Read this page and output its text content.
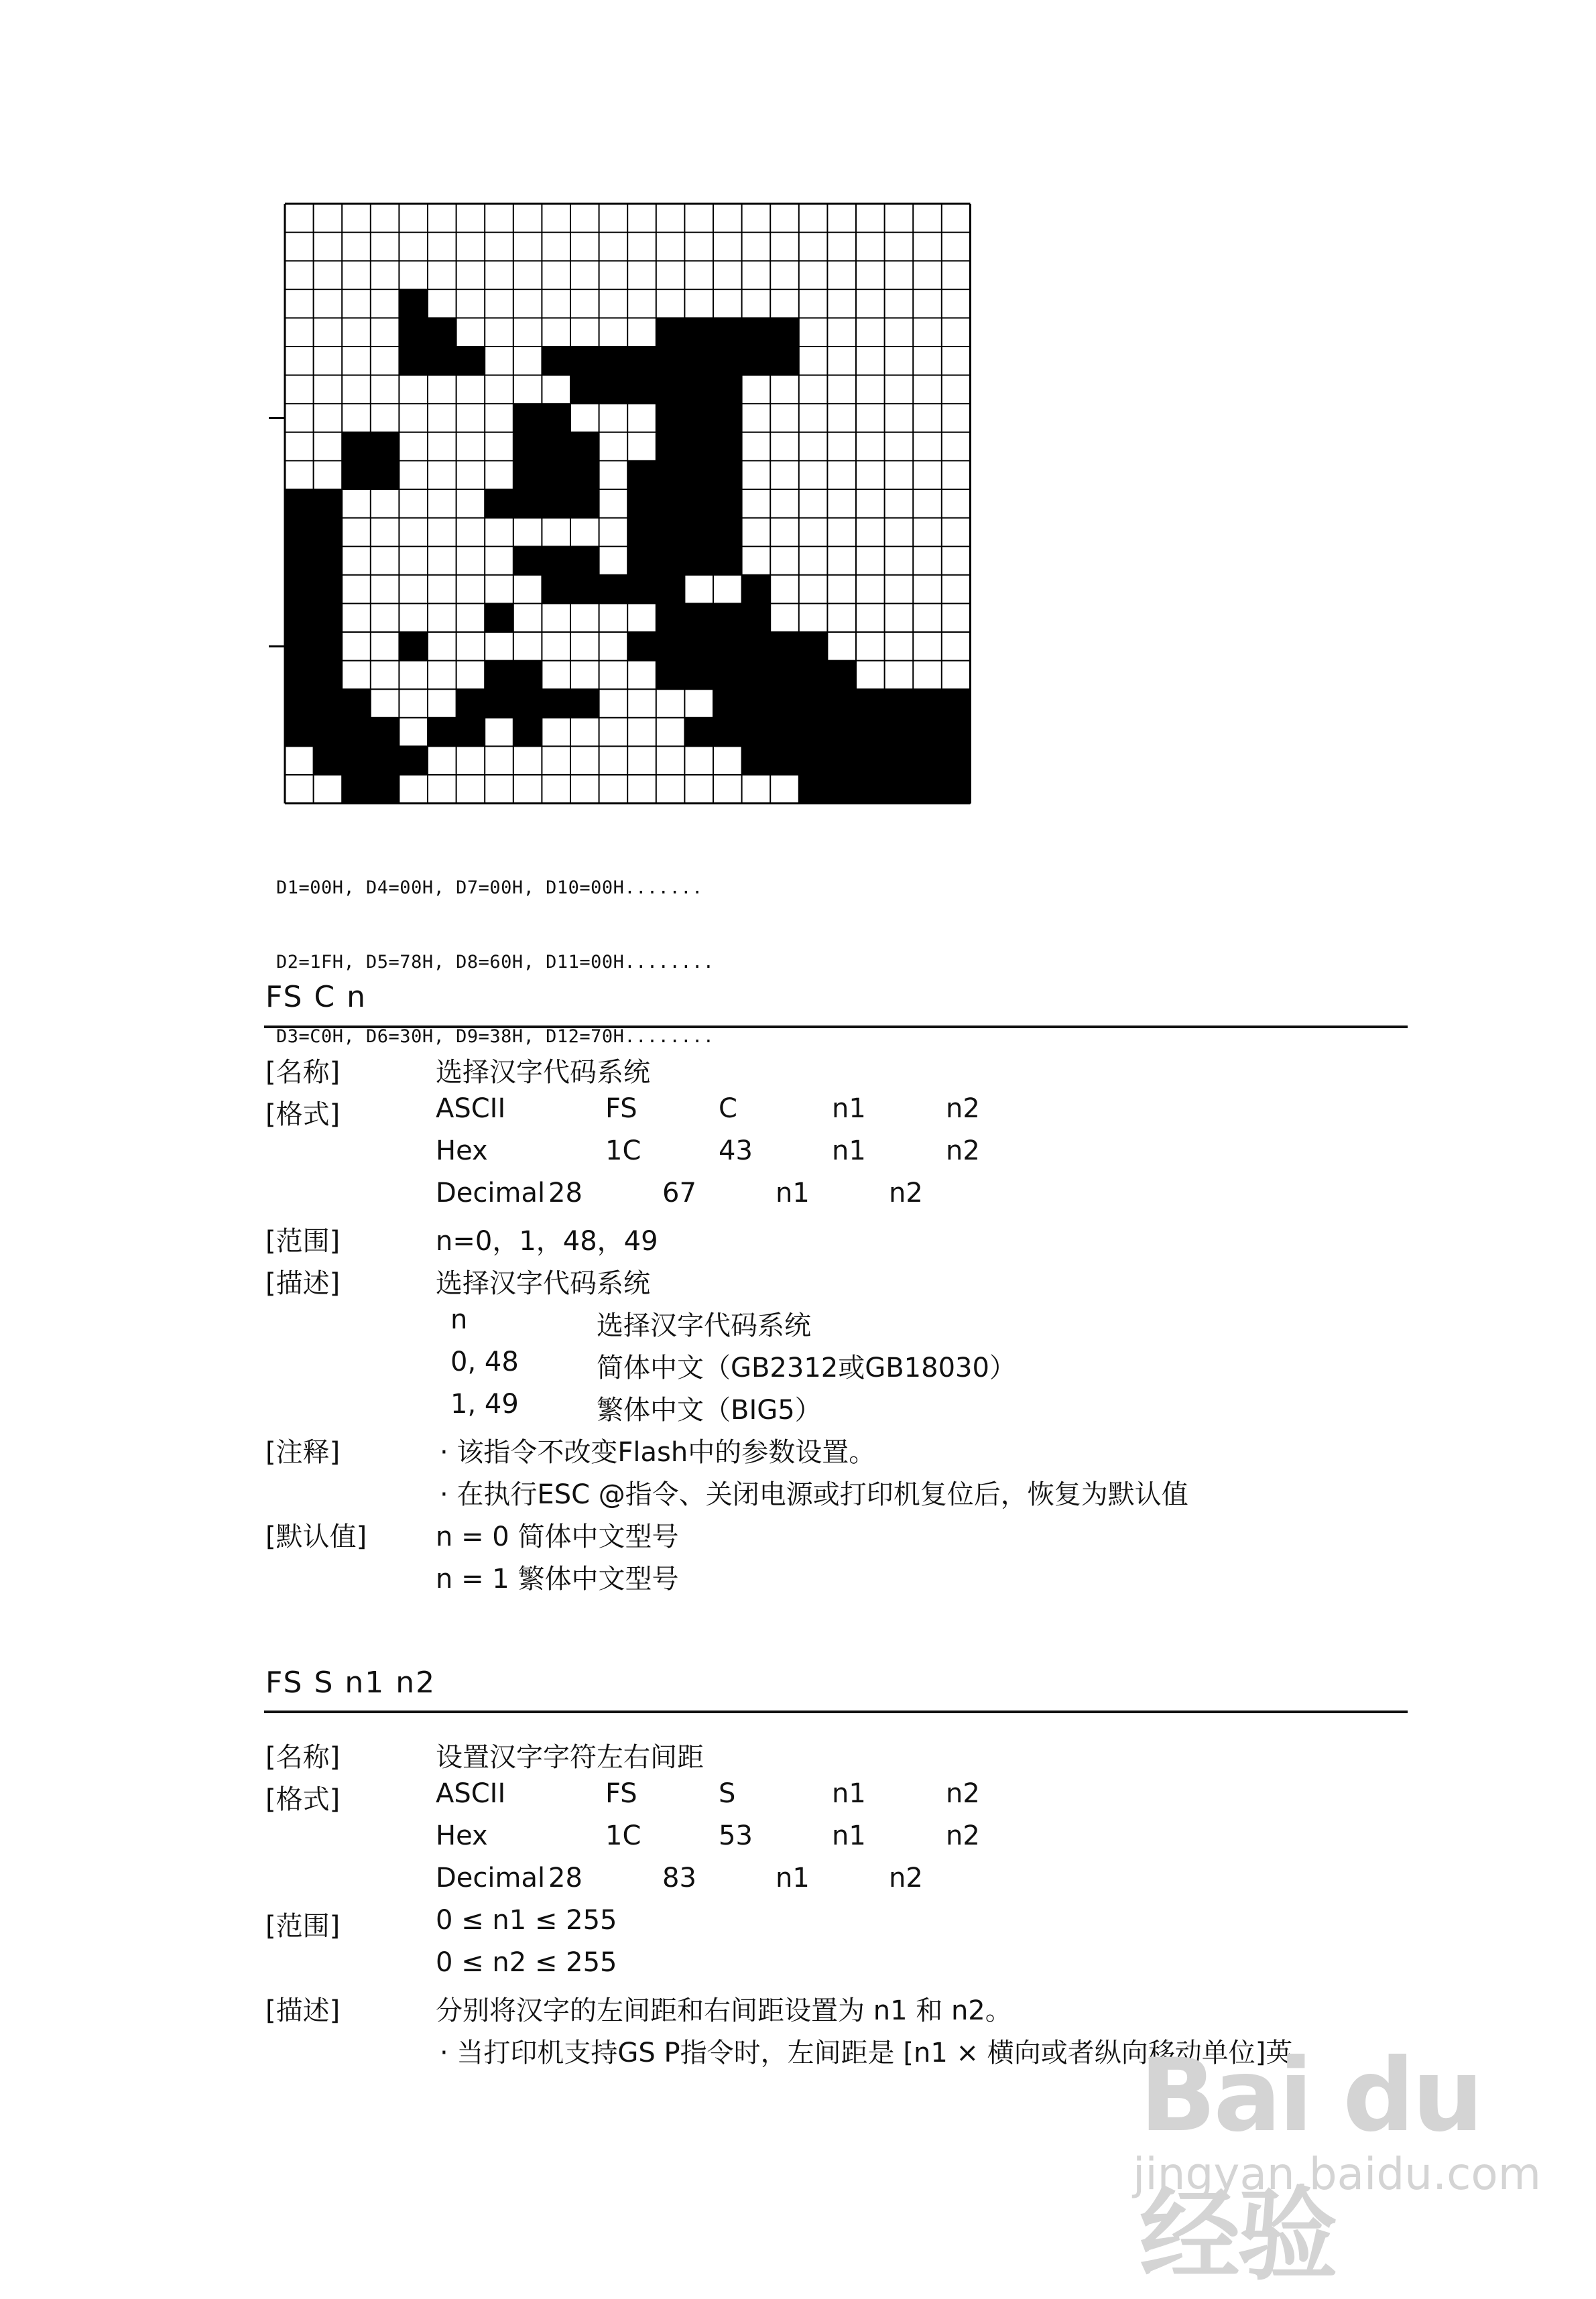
D1=00H, D4=00H, D7=00H, D10=00H.......

D2=1FH, D5=78H, D8=60H, D11=00H........

D3=C0H, D6=30H, D9=38H, D12=70H........

FS C n
[名称]	选择汉字代码系统
[格式]	ASCII	FS	C	n1	n2
Hex	1C	43	n1	n2
Decimal 28	67	n1	n2
[范围]	n=0，1，48，49
[描述]	选择汉字代码系统
n	选择汉字代码系统
0, 48	简体中文（GB2312或GB18030）
1, 49	繁体中文（BIG5）
[注释]	· 该指令不改变Flash中的参数设置。
· 在执行ESC @指令、关闭电源或打印机复位后，恢复为默认值
[默认值]	n = 0 简体中文型号
n = 1 繁体中文型号
FS S n1 n2
[名称]	设置汉字字符左右间距
[格式]	ASCII	FS	S	n1	n2
Hex	1C	53	n1	n2
Decimal 28	83	n1	n2
[范围]	0 ≤ n1 ≤ 255
0 ≤ n2 ≤ 255
[描述]	分别将汉字的左间距和右间距设置为 n1 和 n2。
· 当打印机支持GS P指令时，左间距是 [n1 × 横向或者纵向移动单位]英
Bai du 经验
jingyan.baidu.com
